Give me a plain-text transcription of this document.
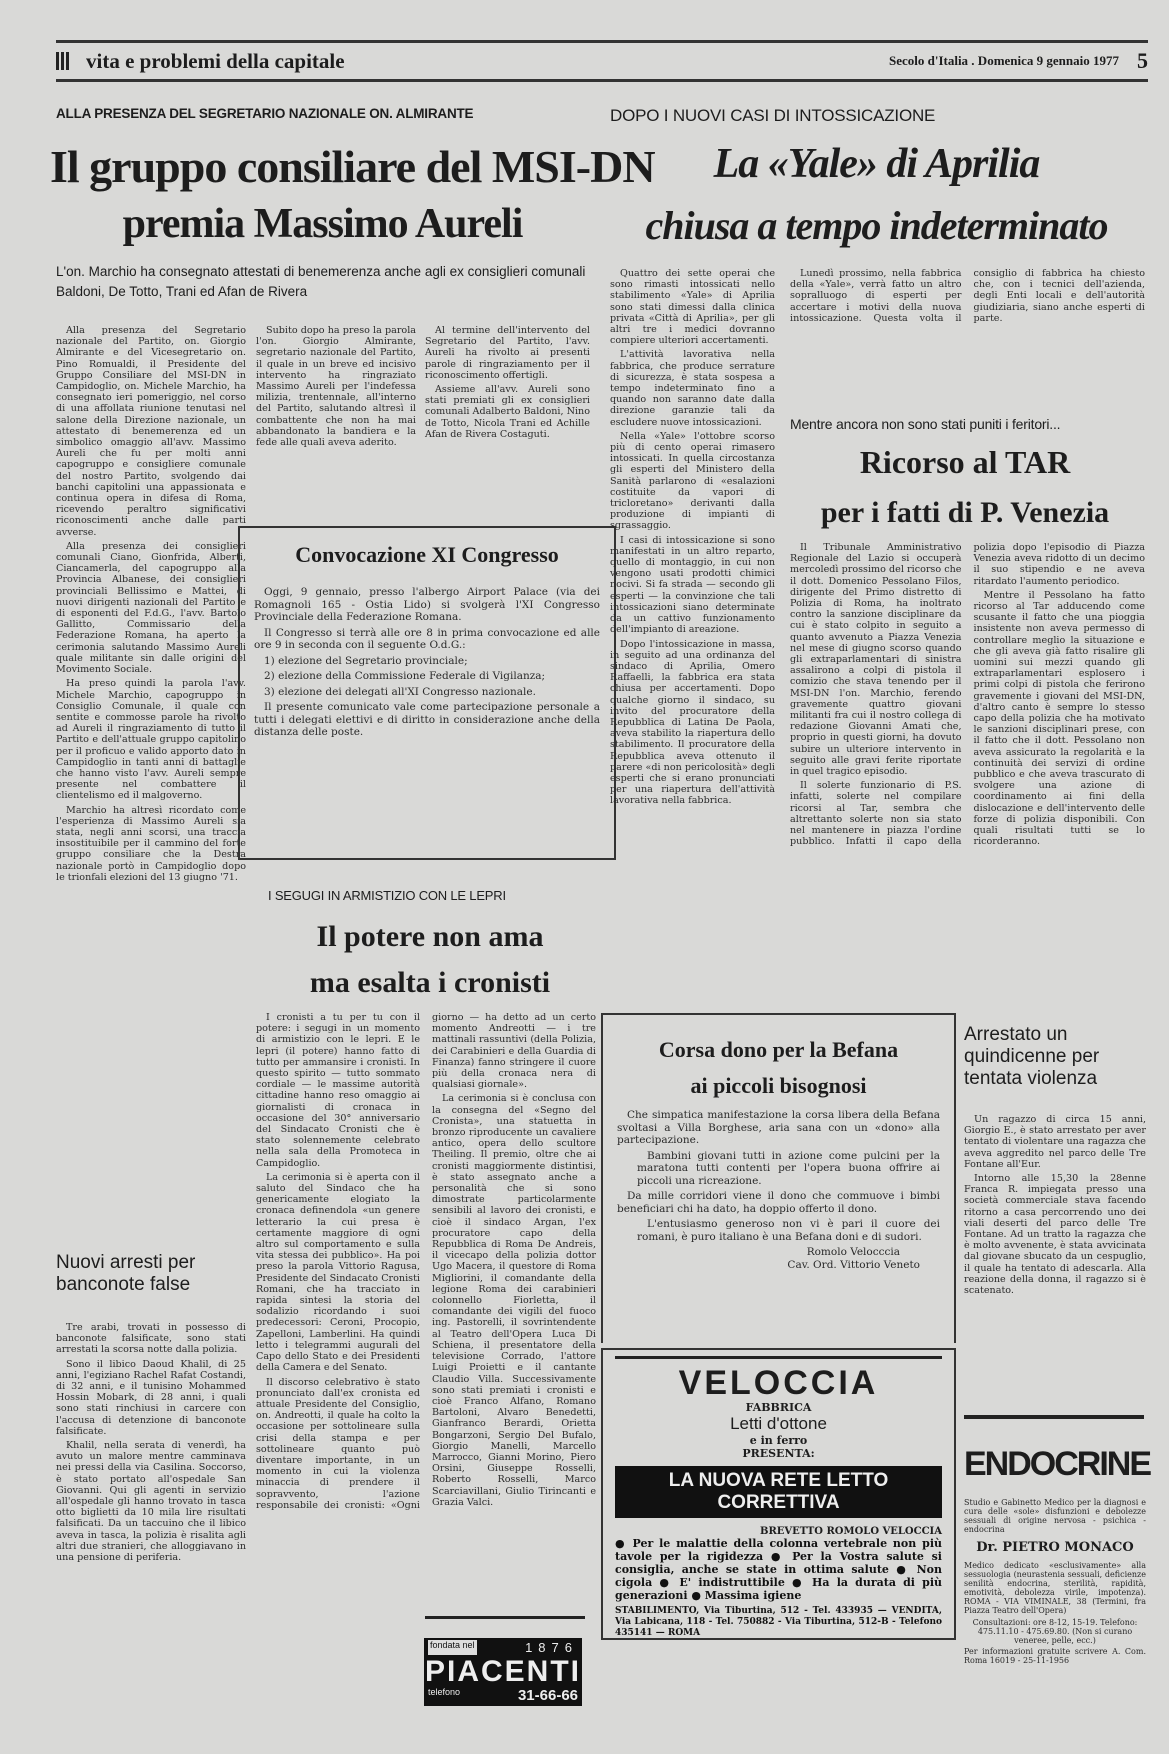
vita e problemi della capitale	Secolo d'Italia . Domenica 9 gennaio 1977 5
ALLA PRESENZA DEL SEGRETARIO NAZIONALE ON. ALMIRANTE
Il gruppo consiliare del MSI-DN
premia Massimo Aureli
L'on. Marchio ha consegnato attestati di benemerenza anche agli ex consiglieri comunali Baldoni, De Totto, Trani ed Afan de Rivera

Alla presenza del Segretario nazionale del Partito, on. Giorgio Almirante e del Vicesegretario on. Pino Romualdi, il Presidente del Gruppo Consiliare del MSI-DN in Campidoglio, on. Michele Marchio, ha consegnato ieri pomeriggio, nel corso di una affollata riunione tenutasi nel salone della Direzione nazionale, un attestato di benemerenza ed un simbolico omaggio all'avv. Massimo Aureli che fu per molti anni capogruppo e consigliere comunale del nostro Partito, svolgendo dai banchi capitolini una appassionata e continua opera in difesa di Roma, ricevendo peraltro significativi riconoscimenti anche dalle parti avverse.

Alla presenza dei consiglieri comunali Ciano, Gionfrida, Alberti, Ciancamerla, del capogruppo alla Provincia Albanese, dei consiglieri provinciali Bellissimo e Mattei, di nuovi dirigenti nazionali del Partito e di esponenti del F.d.G., l'avv. Bartolo Gallitto, Commissario della Federazione Romana, ha aperto la cerimonia salutando Massimo Aureli quale militante sin dalle origini del Movimento Sociale.

Ha preso quindi la parola l'avv. Michele Marchio, capogruppo in Consiglio Comunale, il quale con sentite e commosse parole ha rivolto ad Aureli il ringraziamento di tutto il Partito e dell'attuale gruppo capitolino per il proficuo e valido apporto dato in Campidoglio in tanti anni di battaglie che hanno visto l'avv. Aureli sempre presente nel combattere il clientelismo ed il malgoverno.

Marchio ha altresì ricordato come l'esperienza di Massimo Aureli sia stata, negli anni scorsi, una traccia insostituibile per il cammino del forte gruppo consiliare che la Destra nazionale portò in Campidoglio dopo le trionfali elezioni del 13 giugno '71.

Subito dopo ha preso la parola l'on. Giorgio Almirante, segretario nazionale del Partito, il quale in un breve ed incisivo intervento ha ringraziato Massimo Aureli per l'indefessa milizia, trentennale, all'interno del Partito, salutando altresì il combattente che non ha mai abbandonato la bandiera e la fede alle quali aveva aderito.

Al termine dell'intervento del Segretario del Partito, l'avv. Aureli ha rivolto ai presenti parole di ringraziamento per il riconoscimento offertigli.

Assieme all'avv. Aureli sono stati premiati gli ex consiglieri comunali Adalberto Baldoni, Nino de Totto, Nicola Trani ed Achille Afan de Rivera Costaguti.

Convocazione XI Congresso

Oggi, 9 gennaio, presso l'albergo Airport Palace (via dei Romagnoli 165 - Ostia Lido) si svolgerà l'XI Congresso Provinciale della Federazione Romana.

Il Congresso si terrà alle ore 8 in prima convocazione ed alle ore 9 in seconda con il seguente O.d.G.:

1) elezione del Segretario provinciale;

2) elezione della Commissione Federale di Vigilanza;

3) elezione dei delegati all'XI Congresso nazionale.

Il presente comunicato vale come partecipazione personale a tutti i delegati elettivi e di diritto in considerazione anche della distanza delle poste.

I SEGUGI IN ARMISTIZIO CON LE LEPRI
Il potere non ama
ma esalta i cronisti

I cronisti a tu per tu con il potere: i segugi in un momento di armistizio con le lepri. E le lepri (il potere) hanno fatto di tutto per ammansire i cronisti. In questo spirito — tutto sommato cordiale — le massime autorità cittadine hanno reso omaggio ai giornalisti di cronaca in occasione del 30° anniversario del Sindacato Cronisti che è stato solennemente celebrato nella sala della Promoteca in Campidoglio.

La cerimonia si è aperta con il saluto del Sindaco che ha genericamente elogiato la cronaca definendola «un genere letterario la cui presa è certamente maggiore di ogni altro sul comportamento e sulla vita stessa dei pubblico». Ha poi preso la parola Vittorio Ragusa, Presidente del Sindacato Cronisti Romani, che ha tracciato in rapida sintesi la storia del sodalizio ricordando i suoi predecessori: Ceroni, Procopio, Zapelloni, Lamberlini. Ha quindi letto i telegrammi augurali del Capo dello Stato e dei Presidenti della Camera e del Senato.

Il discorso celebrativo è stato pronunciato dall'ex cronista ed attuale Presidente del Consiglio, on. Andreotti, il quale ha colto la occasione per sottolineare sulla crisi della stampa e per sottolineare quanto può diventare importante, in un momento in cui la violenza minaccia di prendere il sopravvento, l'azione responsabile dei cronisti: «Ogni giorno — ha detto ad un certo momento Andreotti — i tre mattinali rassuntivi (della Polizia, dei Carabinieri e della Guardia di Finanza) fanno stringere il cuore più della cronaca nera di qualsiasi giornale».

La cerimonia si è conclusa con la consegna del «Segno del Cronista», una statuetta in bronzo riproducente un cavaliere antico, opera dello scultore Theiling. Il premio, oltre che ai cronisti maggiormente distintisi, è stato assegnato anche a personalità che si sono dimostrate particolarmente sensibili al lavoro dei cronisti, e cioè il sindaco Argan, l'ex procuratore capo della Repubblica di Roma De Andreis, il vicecapo della polizia dottor Ugo Macera, il questore di Roma Migliorini, il comandante della legione Roma dei carabinieri colonnello Fiorletta, il comandante dei vigili del fuoco ing. Pastorelli, il sovrintendente al Teatro dell'Opera Luca Di Schiena, il presentatore della televisione Corrado, l'attore Luigi Proietti e il cantante Claudio Villa. Successivamente sono stati premiati i cronisti e cioè Franco Alfano, Romano Bartoloni, Alvaro Benedetti, Gianfranco Berardi, Orietta Bongarzoni, Sergio Del Bufalo, Giorgio Manelli, Marcello Marrocco, Gianni Morino, Piero Orsini, Giuseppe Rosselli, Roberto Rosselli, Marco Scarciavillani, Giulio Tirincanti e Grazia Valci.

Nuovi arresti per banconote false

Tre arabi, trovati in possesso di banconote falsificate, sono stati arrestati la scorsa notte dalla polizia.

Sono il libico Daoud Khalil, di 25 anni, l'egiziano Rachel Rafat Costandi, di 32 anni, e il tunisino Mohammed Hossin Mobark, di 28 anni, i quali sono stati rinchiusi in carcere con l'accusa di detenzione di banconote falsificate.

Khalil, nella serata di venerdì, ha avuto un malore mentre camminava nei pressi della via Casilina. Soccorso, è stato portato all'ospedale San Giovanni. Qui gli agenti in servizio all'ospedale gli hanno trovato in tasca otto biglietti da 10 mila lire risultati falsificati. Da un taccuino che il libico aveva in tasca, la polizia è risalita agli altri due stranieri, che alloggiavano in una pensione di periferia.

fondata nel	1876
PIACENTI
telefono	31-66-66
DOPO I NUOVI CASI DI INTOSSICAZIONE
La «Yale» di Aprilia
chiusa a tempo indeterminato

Quattro dei sette operai che sono rimasti intossicati nello stabilimento «Yale» di Aprilia sono stati dimessi dalla clinica privata «Città di Aprilia», per gli altri tre i medici dovranno compiere ulteriori accertamenti.

L'attività lavorativa nella fabbrica, che produce serrature di sicurezza, è stata sospesa a tempo indeterminato fino a quando non saranno date dalla direzione garanzie tali da escludere nuove intossicazioni.

Nella «Yale» l'ottobre scorso più di cento operai rimasero intossicati. In quella circostanza gli esperti del Ministero della Sanità parlarono di «esalazioni costituite da vapori di tricloretano» derivanti dalla produzione di impianti di sgrassaggio.

I casi di intossicazione si sono manifestati in un altro reparto, quello di montaggio, in cui non vengono usati prodotti chimici nocivi. Si fa strada — secondo gli esperti — la convinzione che tali intossicazioni siano determinate da un cattivo funzionamento dell'impianto di areazione.

Dopo l'intossicazione in massa, in seguito ad una ordinanza del sindaco di Aprilia, Omero Raffaelli, la fabbrica era stata chiusa per accertamenti. Dopo qualche giorno il sindaco, su invito del procuratore della Repubblica di Latina De Paola, aveva stabilito la riapertura dello stabilimento. Il procuratore della Repubblica aveva ottenuto il parere «di non pericolosità» degli esperti che si erano pronunciati per una riapertura dell'attività lavorativa nella fabbrica.

Lunedì prossimo, nella fabbrica della «Yale», verrà fatto un altro sopralluogo di esperti per accertare i motivi della nuova intossicazione. Questa volta il consiglio di fabbrica ha chiesto che, con i tecnici dell'azienda, degli Enti locali e dell'autorità giudiziaria, siano anche esperti di parte.

Mentre ancora non sono stati puniti i feritori...
Ricorso al TAR
per i fatti di P. Venezia

Il Tribunale Amministrativo Regionale del Lazio si occuperà mercoledì prossimo del ricorso che il dott. Domenico Pessolano Filos, dirigente del Primo distretto di Polizia di Roma, ha inoltrato contro la sanzione disciplinare da cui è stato colpito in seguito a quanto avvenuto a Piazza Venezia nel mese di giugno scorso quando gli extraparlamentari di sinistra assalirono a colpi di pistola il comizio che stava tenendo per il MSI-DN l'on. Marchio, ferendo gravemente quattro giovani militanti fra cui il nostro collega di redazione Giovanni Amati che, proprio in questi giorni, ha dovuto subire un ulteriore intervento in seguito alle gravi ferite riportate in quel tragico episodio.

Il solerte funzionario di P.S. infatti, solerte nel compilare ricorsi al Tar, sembra che altrettanto solerte non sia stato nel mantenere in piazza l'ordine pubblico. Infatti il capo della polizia dopo l'episodio di Piazza Venezia aveva ridotto di un decimo il suo stipendio e ne aveva ritardato l'aumento periodico.

Mentre il Pessolano ha fatto ricorso al Tar adducendo come scusante il fatto che una pioggia insistente non aveva permesso di controllare meglio la situazione e che gli aveva già fatto risalire gli uomini sui mezzi quando gli extraparlamentari esplosero i primi colpi di pistola che ferirono gravemente i giovani del MSI-DN, d'altro canto è sempre lo stesso capo della polizia che ha motivato le sanzioni disciplinari prese, con il fatto che il dott. Pessolano non aveva assicurato la regolarità e la continuità dei servizi di ordine pubblico e che aveva trascurato di svolgere una azione di coordinamento ai fini della dislocazione e dell'intervento delle forze di polizia disponibili. Con quali risultati tutti se lo ricorderanno.

Corsa dono per la Befana
ai piccoli bisognosi

Che simpatica manifestazione la corsa libera della Befana svoltasi a Villa Borghese, aria sana con un «dono» alla partecipazione.

Bambini giovani tutti in azione come pulcini per la maratona tutti contenti per l'opera buona offrire ai piccoli una ricreazione.

Da mille corridori viene il dono che commuove i bimbi beneficiari chi ha dato, ha doppio offerto il dono.

L'entusiasmo generoso non vi è pari il cuore dei romani, è puro italiano è una Befana doni e di sudori.

Romolo Velocccia
Cav. Ord. Vittorio Veneto
VELOCCIA
FABBRICA
Letti d'ottone
e in ferro
PRESENTA:
LA NUOVA RETE LETTO CORRETTIVA
BREVETTO ROMOLO VELOCCIA
● Per le malattie della colonna vertebrale non più tavole per la rigidezza ● Per la Vostra salute si consiglia, anche se state in ottima salute ● Non cigola ● E' indistruttibile ● Ha la durata di più generazioni ● Massima igiene
STABILIMENTO, Via Tiburtina, 512 - Tel. 433935 — VENDITA, Via Labicana, 118 - Tel. 750882 - Via Tiburtina, 512-B - Telefono 435141 — ROMA
Arrestato un quindicenne per tentata violenza

Un ragazzo di circa 15 anni, Giorgio E., è stato arrestato per aver tentato di violentare una ragazza che aveva aggredito nel parco delle Tre Fontane all'Eur.

Intorno alle 15,30 la 28enne Franca R. impiegata presso una società commerciale stava facendo ritorno a casa percorrendo uno dei viali deserti del parco delle Tre Fontane. Ad un tratto la ragazza che è molto avvenente, è stata avvicinata dal giovane sbucato da un cespuglio, il quale ha tentato di adescarla. Alla reazione della donna, il ragazzo si è scatenato.

ENDOCRINE
Studio e Gabinetto Medico per la diagnosi e cura delle «sole» disfunzioni e debolezze sessuali di origine nervosa - psichica - endocrina
Dr. PIETRO MONACO
Medico dedicato «esclusivamente» alla sessuologia (neurastenia sessuali, deficienze senilità endocrina, sterilità, rapidità, emotività, debolezza virile, impotenza). ROMA - VIA VIMINALE, 38 (Termini, fra Piazza Teatro dell'Opera)
Consultazioni: ore 8-12, 15-19. Telefono: 475.11.10 - 475.69.80. (Non si curano veneree, pelle, ecc.)
Per informazioni gratuite scrivere A. Com. Roma 16019 - 25-11-1956
